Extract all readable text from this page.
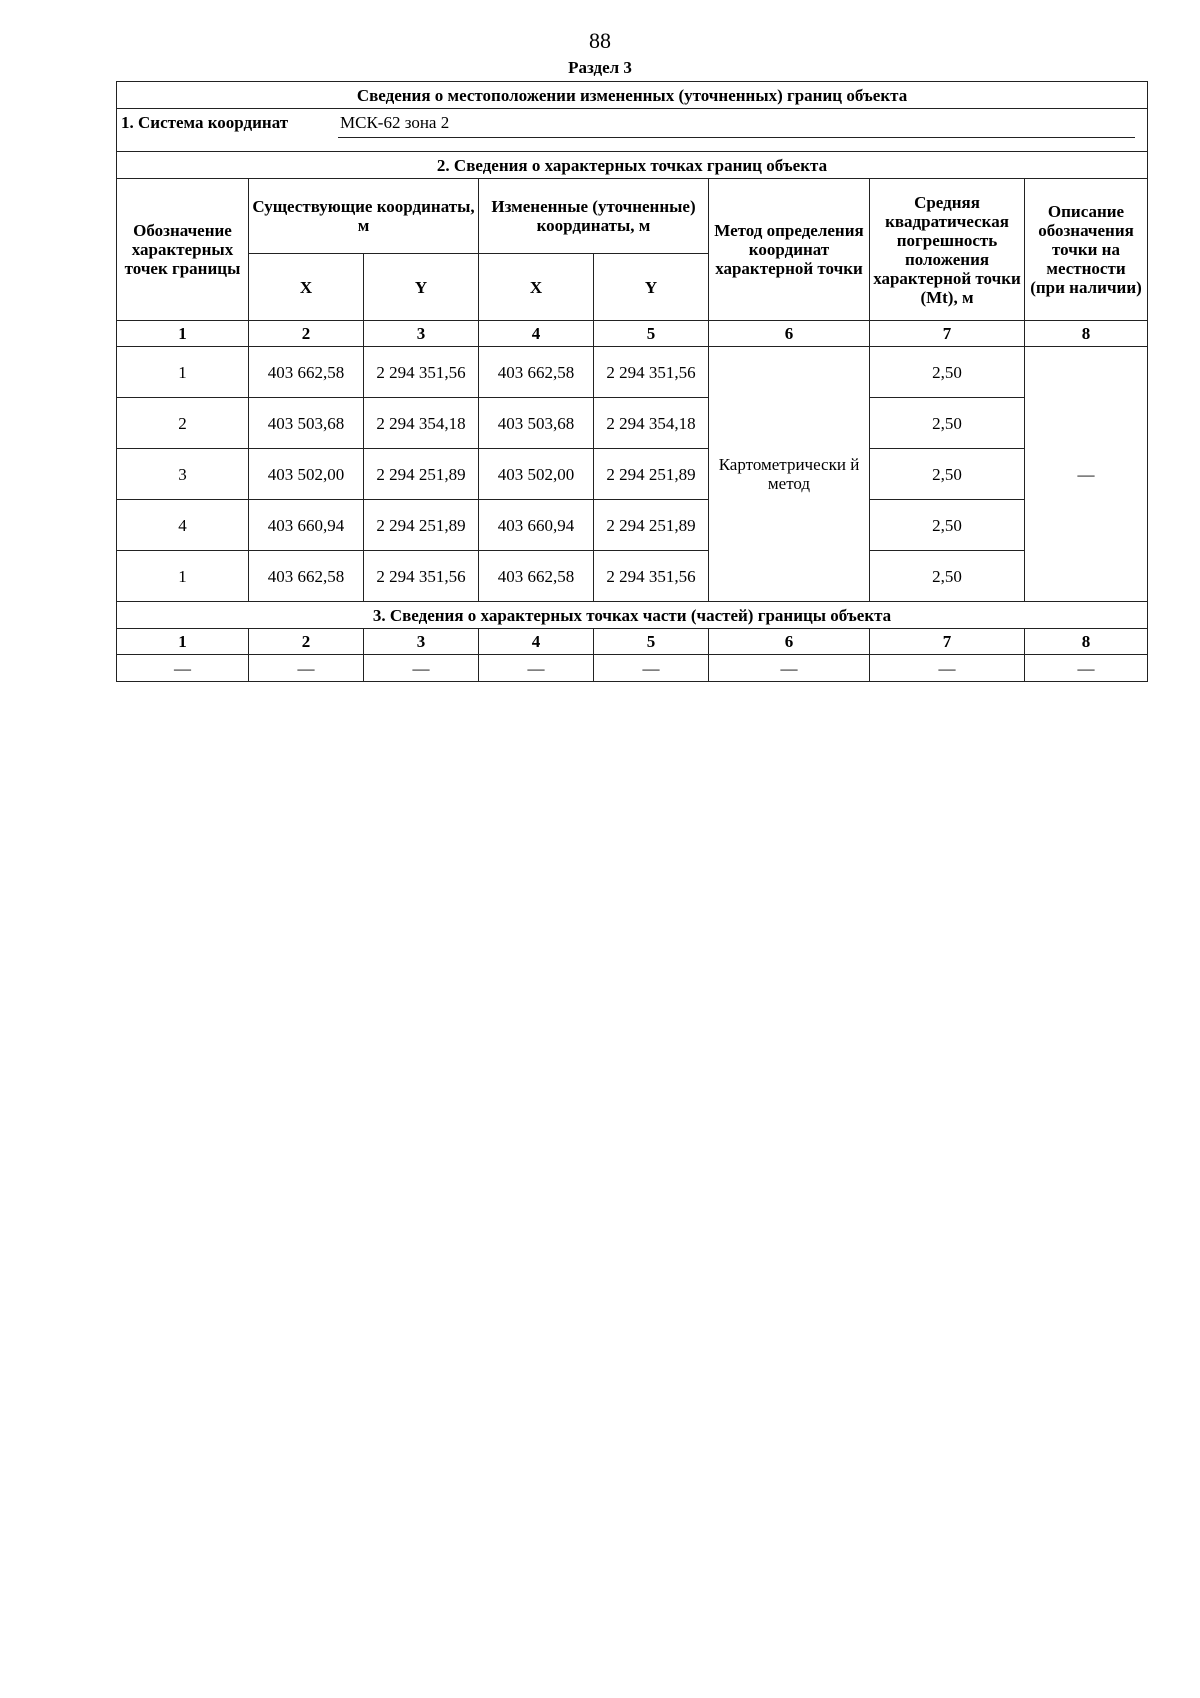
88
Раздел 3
Сведения о местоположении измененных (уточненных) границ объекта							
1. Система координат МСК-62 зона 2							

2. Сведения о характерных точках границ объекта							
Обозначение характерных точек границы	Существующие координаты, м		Измененные (уточненные) координаты, м		Метод определения координат характерной точки	Средняя квадратическая погрешность положения характерной точки (Mt), м	Описание обозначения точки на местности (при наличии)
	X	Y	X	Y			
1	2	3	4	5	6	7	8
1	403 662,58	2 294 351,56	403 662,58	2 294 351,56	Картометрически й метод	2,50	—
2	403 503,68	2 294 354,18	403 503,68	2 294 354,18		2,50	
3	403 502,00	2 294 251,89	403 502,00	2 294 251,89		2,50	
4	403 660,94	2 294 251,89	403 660,94	2 294 251,89		2,50	
1	403 662,58	2 294 351,56	403 662,58	2 294 351,56		2,50	
3. Сведения о характерных точках части (частей) границы объекта							
1	2	3	4	5	6	7	8
—	—	—	—	—	—	—	—
